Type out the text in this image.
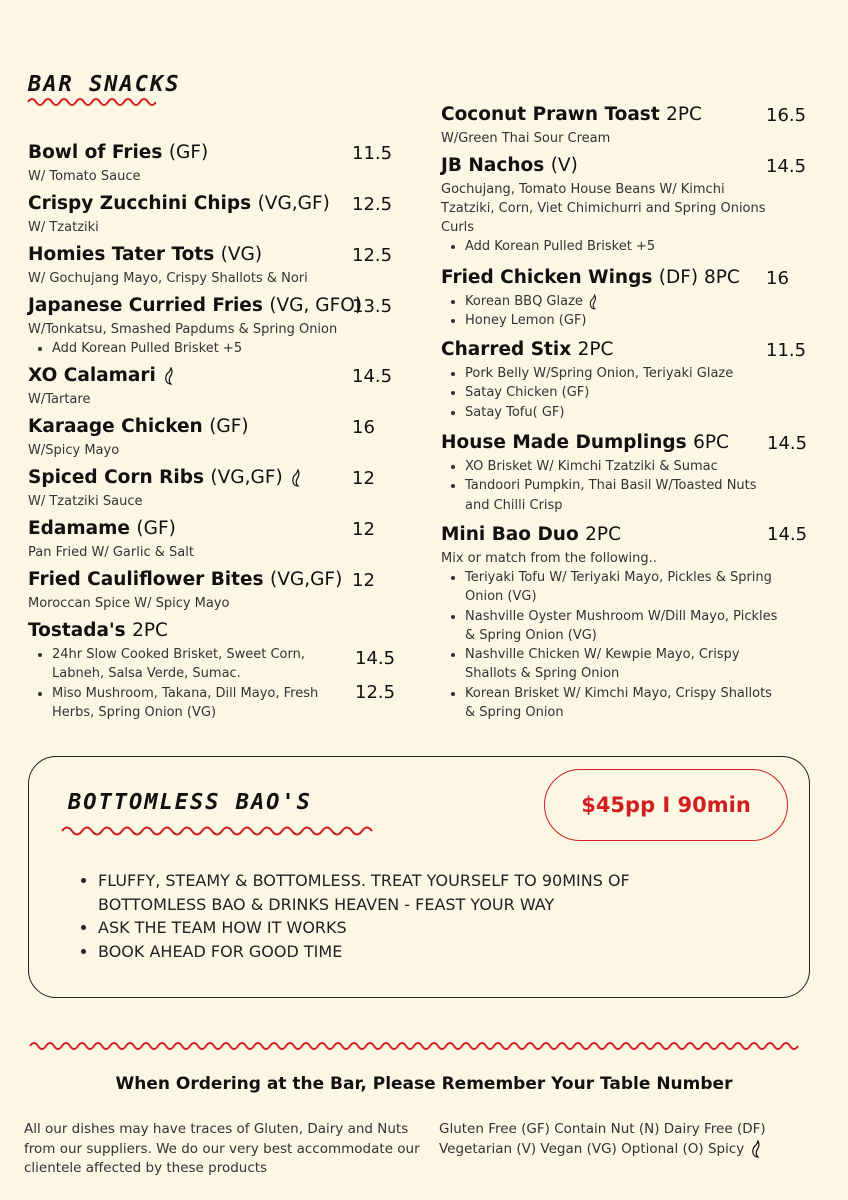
BAR SNACKS
Bowl of Fries (GF)
W/ Tomato Sauce
11.5
Crispy Zucchini Chips (VG,GF)
W/ Tzatziki
12.5
Homies Tater Tots (VG)
W/ Gochujang Mayo, Crispy Shallots & Nori
12.5
Japanese Curried Fries (VG, GFO)
W/Tonkatsu, Smashed Papdums & Spring Onion
• Add Korean Pulled Brisket +5
13.5
XO Calamari
W/Tartare
14.5
Karaage Chicken (GF)
W/Spicy Mayo
16
Spiced Corn Ribs (VG,GF)
W/ Tzatziki Sauce
12
Edamame (GF)
Pan Fried W/ Garlic & Salt
12
Fried Cauliflower Bites (VG,GF)
Moroccan Spice W/ Spicy Mayo
12
Tostada's 2PC
• 24hr Slow Cooked Brisket, Sweet Corn, Labneh, Salsa Verde, Sumac.
• Miso Mushroom, Takana, Dill Mayo, Fresh Herbs, Spring Onion (VG)
14.5
12.5
Coconut Prawn Toast 2PC
W/Green Thai Sour Cream
16.5
JB Nachos (V)
Gochujang, Tomato House Beans W/ Kimchi Tzatziki, Corn, Viet Chimichurri and Spring Onions Curls
• Add Korean Pulled Brisket +5
14.5
Fried Chicken Wings (DF) 8PC
• Korean BBQ Glaze
• Honey Lemon (GF)
16
Charred Stix 2PC
• Pork Belly W/Spring Onion, Teriyaki Glaze
• Satay Chicken (GF)
• Satay Tofu( GF)
11.5
House Made Dumplings 6PC
• XO Brisket W/ Kimchi Tzatziki & Sumac
• Tandoori Pumpkin, Thai Basil W/Toasted Nuts and Chilli Crisp
14.5
Mini Bao Duo 2PC
Mix or match from the following..
• Teriyaki Tofu W/ Teriyaki Mayo, Pickles & Spring Onion (VG)
• Nashville Oyster Mushroom W/Dill Mayo, Pickles & Spring Onion (VG)
• Nashville Chicken W/ Kewpie Mayo, Crispy Shallots & Spring Onion
• Korean Brisket W/ Kimchi Mayo, Crispy Shallots & Spring Onion
14.5
BOTTOMLESS BAO'S	$45pp I 90min
• FLUFFY, STEAMY & BOTTOMLESS. TREAT YOURSELF TO 90MINS OF BOTTOMLESS BAO & DRINKS HEAVEN - FEAST YOUR WAY
• ASK THE TEAM HOW IT WORKS
• BOOK AHEAD FOR GOOD TIME
When Ordering at the Bar, Please Remember Your Table Number
All our dishes may have traces of Gluten, Dairy and Nuts from our suppliers. We do our very best accommodate our clientele affected by these products
Gluten Free (GF) Contain Nut (N) Dairy Free (DF)
Vegetarian (V) Vegan (VG) Optional (O) Spicy
